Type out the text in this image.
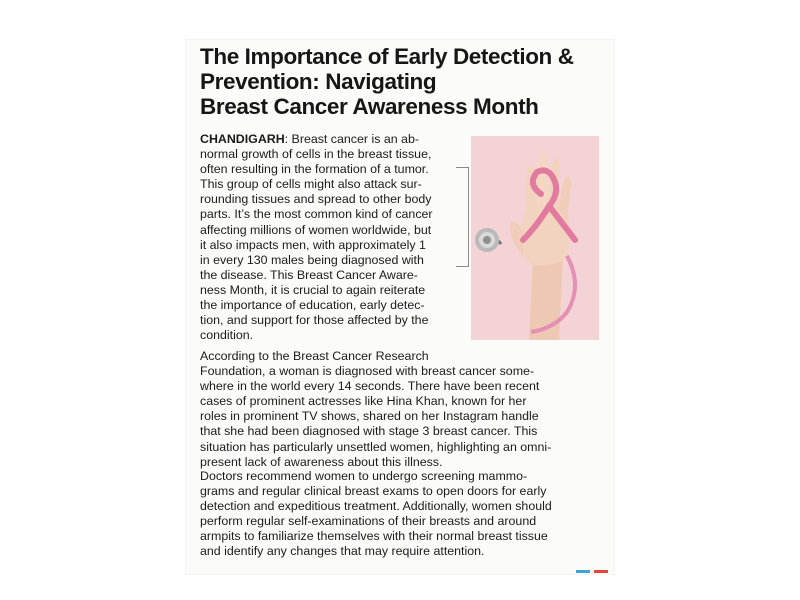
The Importance of Early Detection &
Prevention: Navigating
Breast Cancer Awareness Month
CHANDIGARH: Breast cancer is an ab-
normal growth of cells in the breast tissue,
often resulting in the formation of a tumor.
This group of cells might also attack sur-
rounding tissues and spread to other body
parts. It’s the most common kind of cancer
affecting millions of women worldwide, but
it also impacts men, with approximately 1
in every 130 males being diagnosed with
the disease. This Breast Cancer Aware-
ness Month, it is crucial to again reiterate
the importance of education, early detec-
tion, and support for those affected by the
condition.
According to the Breast Cancer Research
Foundation, a woman is diagnosed with breast cancer some-
where in the world every 14 seconds. There have been recent
cases of prominent actresses like Hina Khan, known for her
roles in prominent TV shows, shared on her Instagram handle
that she had been diagnosed with stage 3 breast cancer. This
situation has particularly unsettled women, highlighting an omni-
present lack of awareness about this illness.
Doctors recommend women to undergo screening mammo-
grams and regular clinical breast exams to open doors for early
detection and expeditious treatment. Additionally, women should
perform regular self-examinations of their breasts and around
armpits to familiarize themselves with their normal breast tissue
and identify any changes that may require attention.
